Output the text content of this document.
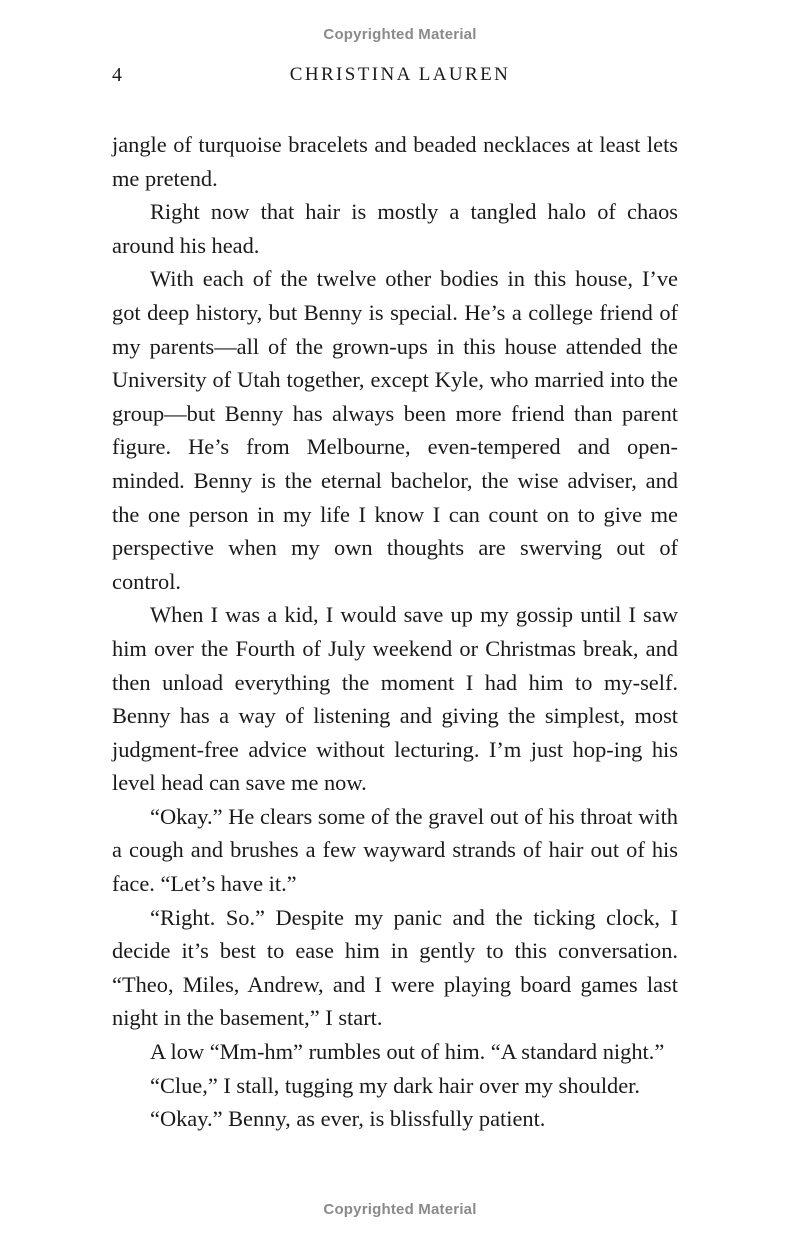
Copyrighted Material
4	CHRISTINA LAUREN

jangle of turquoise bracelets and beaded necklaces at least lets me pretend.

Right now that hair is mostly a tangled halo of chaos around his head.

With each of the twelve other bodies in this house, I’ve got deep history, but Benny is special. He’s a college friend of my parents—all of the grown-ups in this house attended the University of Utah together, except Kyle, who married into the group—but Benny has always been more friend than parent figure. He’s from Melbourne, even-tempered and open-minded. Benny is the eternal bachelor, the wise adviser, and the one person in my life I know I can count on to give me perspective when my own thoughts are swerving out of control.

When I was a kid, I would save up my gossip until I saw him over the Fourth of July weekend or Christmas break, and then unload everything the moment I had him to my-self. Benny has a way of listening and giving the simplest, most judgment-free advice without lecturing. I’m just hop-ing his level head can save me now.

“Okay.” He clears some of the gravel out of his throat with a cough and brushes a few wayward strands of hair out of his face. “Let’s have it.”

“Right. So.” Despite my panic and the ticking clock, I decide it’s best to ease him in gently to this conversation. “Theo, Miles, Andrew, and I were playing board games last night in the basement,” I start.

A low “Mm-hm” rumbles out of him. “A standard night.”

“Clue,” I stall, tugging my dark hair over my shoulder.

“Okay.” Benny, as ever, is blissfully patient.

Copyrighted Material
